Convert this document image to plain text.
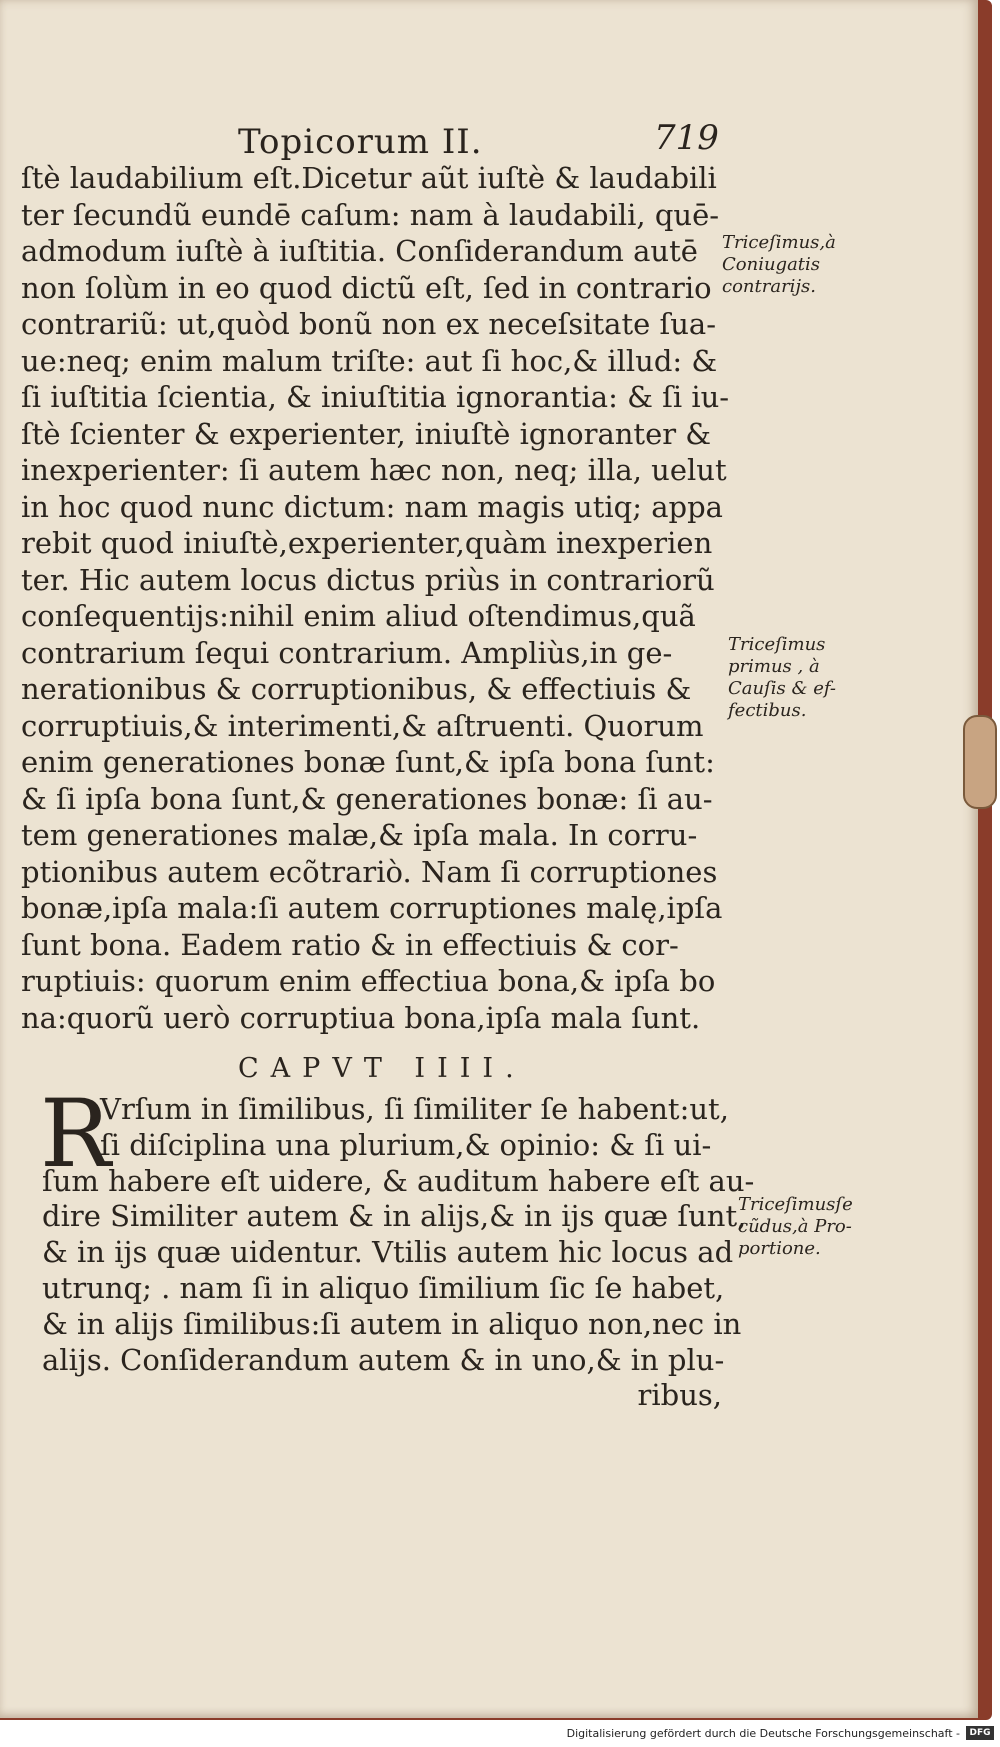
Topicorum II.	719
ſtè laudabilium eſt.Dicetur aũt iuſtè & laudabili
ter ſecundũ eundē caſum: nam à laudabili, quē-
admodum iuſtè à iuſtitia. Conſiderandum autē
non ſolùm in eo quod dictũ eſt, ſed in contrario
contrariũ: ut,quòd bonũ non ex neceſsitate ſua-
ue:neq; enim malum triſte: aut ſi hoc,& illud: &
ſi iuſtitia ſcientia, & iniuſtitia ignorantia: & ſi iu-
ſtè ſcienter & experienter, iniuſtè ignoranter &
inexperienter: ſi autem hæc non, neq; illa, uelut
in hoc quod nunc dictum: nam magis utiq; appa
rebit quod iniuſtè,experienter,quàm inexperien
ter. Hic autem locus dictus priùs in contrariorũ
conſequentijs:nihil enim aliud oſtendimus,quã
contrarium ſequi contrarium. Ampliùs,in ge-
nerationibus & corruptionibus, & effectiuis &
corruptiuis,& interimenti,& aſtruenti. Quorum
enim generationes bonæ ſunt,& ipſa bona ſunt:
& ſi ipſa bona ſunt,& generationes bonæ: ſi au-
tem generationes malæ,& ipſa mala. In corru-
ptionibus autem ecõtrariò. Nam ſi corruptiones
bonæ,ipſa mala:ſi autem corruptiones malę,ipſa
ſunt bona. Eadem ratio & in effectiuis & cor-
ruptiuis: quorum enim effectiua bona,& ipſa bo
na:quorũ uerò corruptiua bona,ipſa mala ſunt.
CAPVT IIII.
R
Vrſum in ſimilibus, ſi ſimiliter ſe habent:ut,
ſi diſciplina una plurium,& opinio: & ſi ui-
ſum habere eſt uidere, & auditum habere eſt au-
dire Similiter autem & in alijs,& in ijs quæ ſunt,
& in ijs quæ uidentur. Vtilis autem hic locus ad
utrunq; . nam ſi in aliquo ſimilium ſic ſe habet,
& in alijs ſimilibus:ſi autem in aliquo non,nec in
alijs. Conſiderandum autem & in uno,& in plu-
ribus,
Triceſimus,à
Coniugatis
contrarijs.
Triceſimus
primus , à
Cauſis & ef-
fectibus.
Triceſimusſe
cũdus,à Pro-
portione.
Digitalisierung gefördert durch die Deutsche Forschungsgemeinschaft -	DFG
